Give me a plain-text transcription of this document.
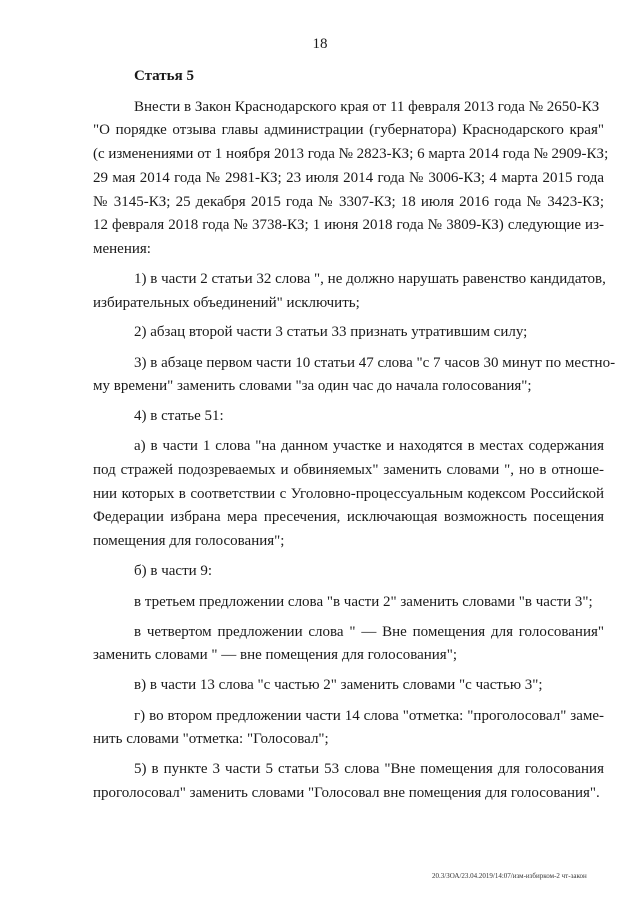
18
Статья 5
Внести в Закон Краснодарского края от 11 февраля 2013 года № 2650-КЗ
"О порядке отзыва главы администрации (губернатора) Краснодарского края"
(с изменениями от 1 ноября 2013 года № 2823-КЗ; 6 марта 2014 года № 2909-КЗ;
29 мая 2014 года № 2981-КЗ; 23 июля 2014 года № 3006-КЗ; 4 марта 2015 года
№ 3145-КЗ; 25 декабря 2015 года № 3307-КЗ; 18 июля 2016 года № 3423-КЗ;
12 февраля 2018 года № 3738-КЗ; 1 июня 2018 года № 3809-КЗ) следующие из-
менения:
1) в части 2 статьи 32 слова ", не должно нарушать равенство кандидатов,
избирательных объединений" исключить;
2) абзац второй части 3 статьи 33 признать утратившим силу;
3) в абзаце первом части 10 статьи 47 слова "с 7 часов 30 минут по местно-
му времени" заменить словами "за один час до начала голосования";
4) в статье 51:
а) в части 1 слова "на данном участке и находятся в местах содержания
под стражей подозреваемых и обвиняемых" заменить словами ", но в отноше-
нии которых в соответствии с Уголовно-процессуальным кодексом Российской
Федерации избрана мера пресечения, исключающая возможность посещения
помещения для голосования";
б) в части 9:
в третьем предложении слова "в части 2" заменить словами "в части 3";
в четвертом предложении слова " — Вне помещения для голосования"
заменить словами " — вне помещения для голосования";
в) в части 13 слова "с частью 2" заменить словами "с частью 3";
г) во втором предложении части 14 слова "отметка: "проголосовал" заме-
нить словами "отметка: "Голосовал";
5) в пункте 3 части 5 статьи 53 слова "Вне помещения для голосования
проголосовал" заменить словами "Голосовал вне помещения для голосования".
20.3/ЗОА/23.04.2019/14:07/изм-избирком-2 чт-закон
